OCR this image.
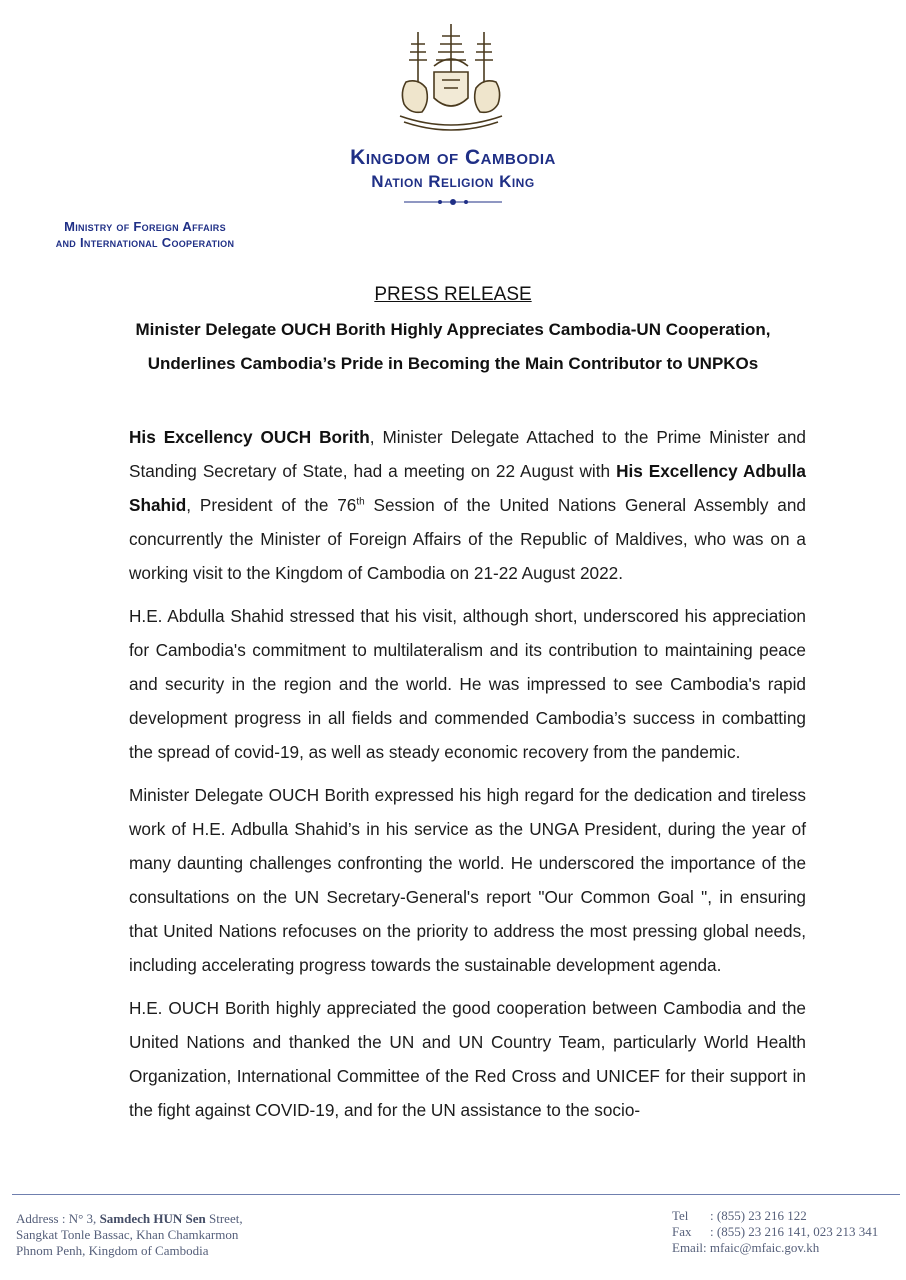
Kingdom of Cambodia
Nation Religion King
Ministry of Foreign Affairs
and International Cooperation
PRESS RELEASE
Minister Delegate OUCH Borith Highly Appreciates Cambodia-UN Cooperation,
Underlines Cambodia’s Pride in Becoming the Main Contributor to UNPKOs

His Excellency OUCH Borith, Minister Delegate Attached to the Prime Minister and Standing Secretary of State, had a meeting on 22 August with His Excellency Adbulla Shahid, President of the 76th Session of the United Nations General Assembly and concurrently the Minister of Foreign Affairs of the Republic of Maldives, who was on a working visit to the Kingdom of Cambodia on 21-22 August 2022.

H.E. Abdulla Shahid stressed that his visit, although short, underscored his appreciation for Cambodia's commitment to multilateralism and its contribution to maintaining peace and security in the region and the world. He was impressed to see Cambodia's rapid development progress in all fields and commended Cambodia’s success in combatting the spread of covid-19, as well as steady economic recovery from the pandemic.

Minister Delegate OUCH Borith expressed his high regard for the dedication and tireless work of H.E. Adbulla Shahid’s in his service as the UNGA President, during the year of many daunting challenges confronting the world. He underscored the importance of the consultations on the UN Secretary-General's report "Our Common Goal ", in ensuring that United Nations refocuses on the priority to address the most pressing global needs, including accelerating progress towards the sustainable development agenda.

H.E. OUCH Borith highly appreciated the good cooperation between Cambodia and the United Nations and thanked the UN and UN Country Team, particularly World Health Organization, International Committee of the Red Cross and UNICEF for their support in the fight against COVID-19, and for the UN assistance to the socio-

Address : N° 3, Samdech HUN Sen Street,
Sangkat Tonle Bassac, Khan Chamkarmon
Phnom Penh, Kingdom of Cambodia
Tel	: (855) 23 216 122
Fax	: (855) 23 216 141, 023 213 341
Email : mfaic@mfaic.gov.kh
